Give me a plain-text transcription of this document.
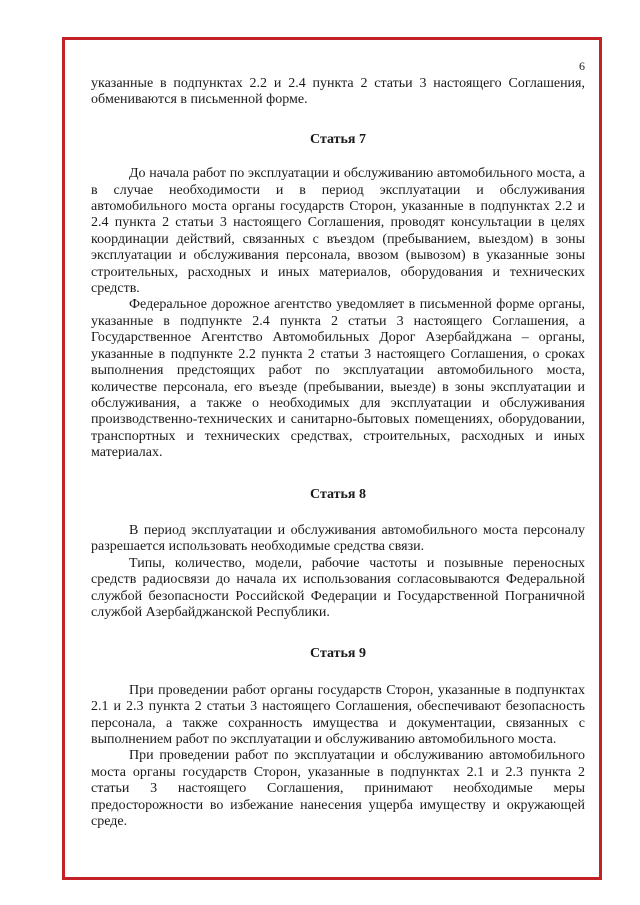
6

указанные в подпунктах 2.2 и 2.4 пункта 2 статьи 3 настоящего Соглашения, обмениваются в письменной форме.

Статья 7

До начала работ по эксплуатации и обслуживанию автомобильного моста, а в случае необходимости и в период эксплуатации и обслуживания автомобильного моста органы государств Сторон, указанные в подпунктах 2.2 и 2.4 пункта 2 статьи 3 настоящего Соглашения, проводят консультации в целях координации действий, связанных с въездом (пребыванием, выездом) в зоны эксплуатации и обслуживания персонала, ввозом (вывозом) в указанные зоны строительных, расходных и иных материалов, оборудования и технических средств.

Федеральное дорожное агентство уведомляет в письменной форме органы, указанные в подпункте 2.4 пункта 2 статьи 3 настоящего Соглашения, а Государственное Агентство Автомобильных Дорог Азербайджана – органы, указанные в подпункте 2.2 пункта 2 статьи 3 настоящего Соглашения, о сроках выполнения предстоящих работ по эксплуатации автомобильного моста, количестве персонала, его въезде (пребывании, выезде) в зоны эксплуатации и обслуживания, а также о необходимых для эксплуатации и обслуживания производственно-технических и санитарно-бытовых помещениях, оборудовании, транспортных и технических средствах, строительных, расходных и иных материалах.

Статья 8

В период эксплуатации и обслуживания автомобильного моста персоналу разрешается использовать необходимые средства связи.

Типы, количество, модели, рабочие частоты и позывные переносных средств радиосвязи до начала их использования согласовываются Федеральной службой безопасности Российской Федерации и Государственной Пограничной службой Азербайджанской Республики.

Статья 9

При проведении работ органы государств Сторон, указанные в подпунктах 2.1 и 2.3 пункта 2 статьи 3 настоящего Соглашения, обеспечивают безопасность персонала, а также сохранность имущества и документации, связанных с выполнением работ по эксплуатации и обслуживанию автомобильного моста.

При проведении работ по эксплуатации и обслуживанию автомобильного моста органы государств Сторон, указанные в подпунктах 2.1 и 2.3 пункта 2 статьи 3 настоящего Соглашения, принимают необходимые меры предосторожности во избежание нанесения ущерба имуществу и окружающей среде.
